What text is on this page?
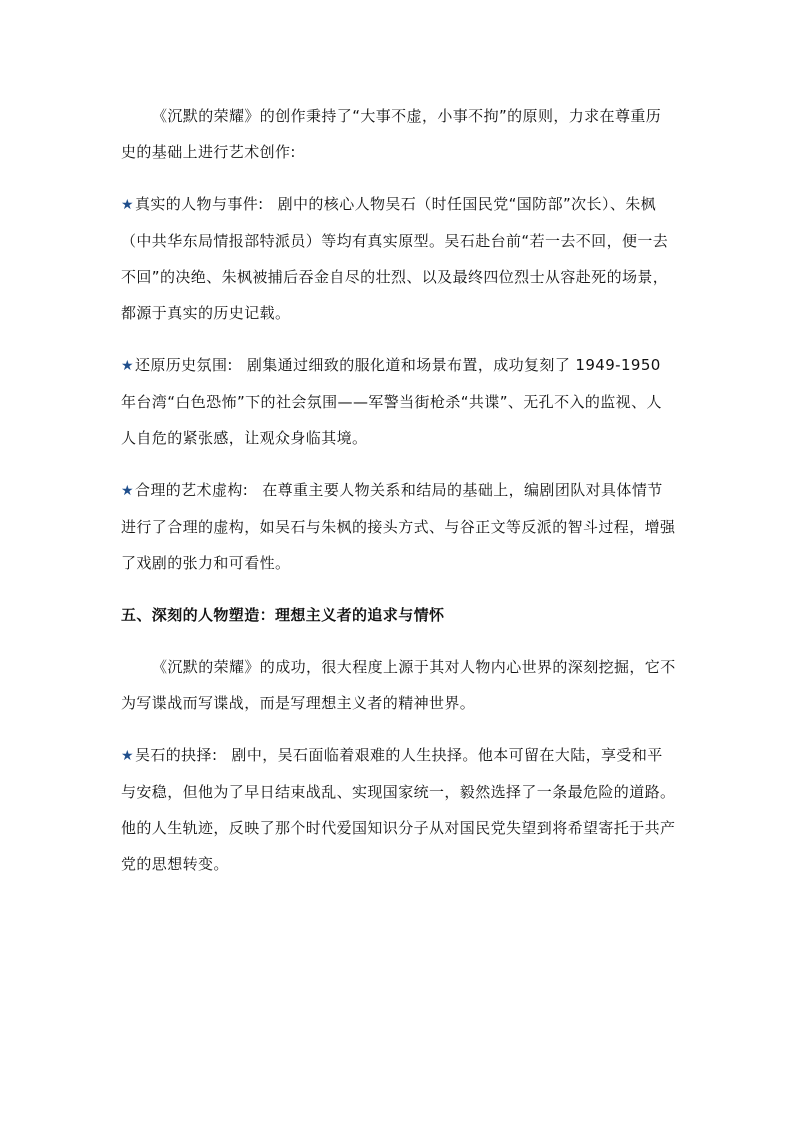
《沉默的荣耀》的创作秉持了“大事不虚，小事不拘”的原则，力求在尊重历史的基础上进行艺术创作:

★真实的人物与事件: 剧中的核心人物吴石（时任国民党“国防部”次长）、朱枫（中共华东局情报部特派员）等均有真实原型。吴石赴台前“若一去不回，便一去不回”的决绝、朱枫被捕后吞金自尽的壮烈、以及最终四位烈士从容赴死的场景，都源于真实的历史记载。

★还原历史氛围: 剧集通过细致的服化道和场景布置，成功复刻了 1949-1950 年台湾“白色恐怖”下的社会氛围——军警当街枪杀“共谍”、无孔不入的监视、人人自危的紧张感，让观众身临其境。

★合理的艺术虚构: 在尊重主要人物关系和结局的基础上，编剧团队对具体情节进行了合理的虚构，如吴石与朱枫的接头方式、与谷正文等反派的智斗过程，增强了戏剧的张力和可看性。

五、深刻的人物塑造：理想主义者的追求与情怀

《沉默的荣耀》的成功，很大程度上源于其对人物内心世界的深刻挖掘，它不为写谍战而写谍战，而是写理想主义者的精神世界。

★吴石的抉择: 剧中，吴石面临着艰难的人生抉择。他本可留在大陆，享受和平与安稳，但他为了早日结束战乱、实现国家统一，毅然选择了一条最危险的道路。他的人生轨迹，反映了那个时代爱国知识分子从对国民党失望到将希望寄托于共产党的思想转变。
